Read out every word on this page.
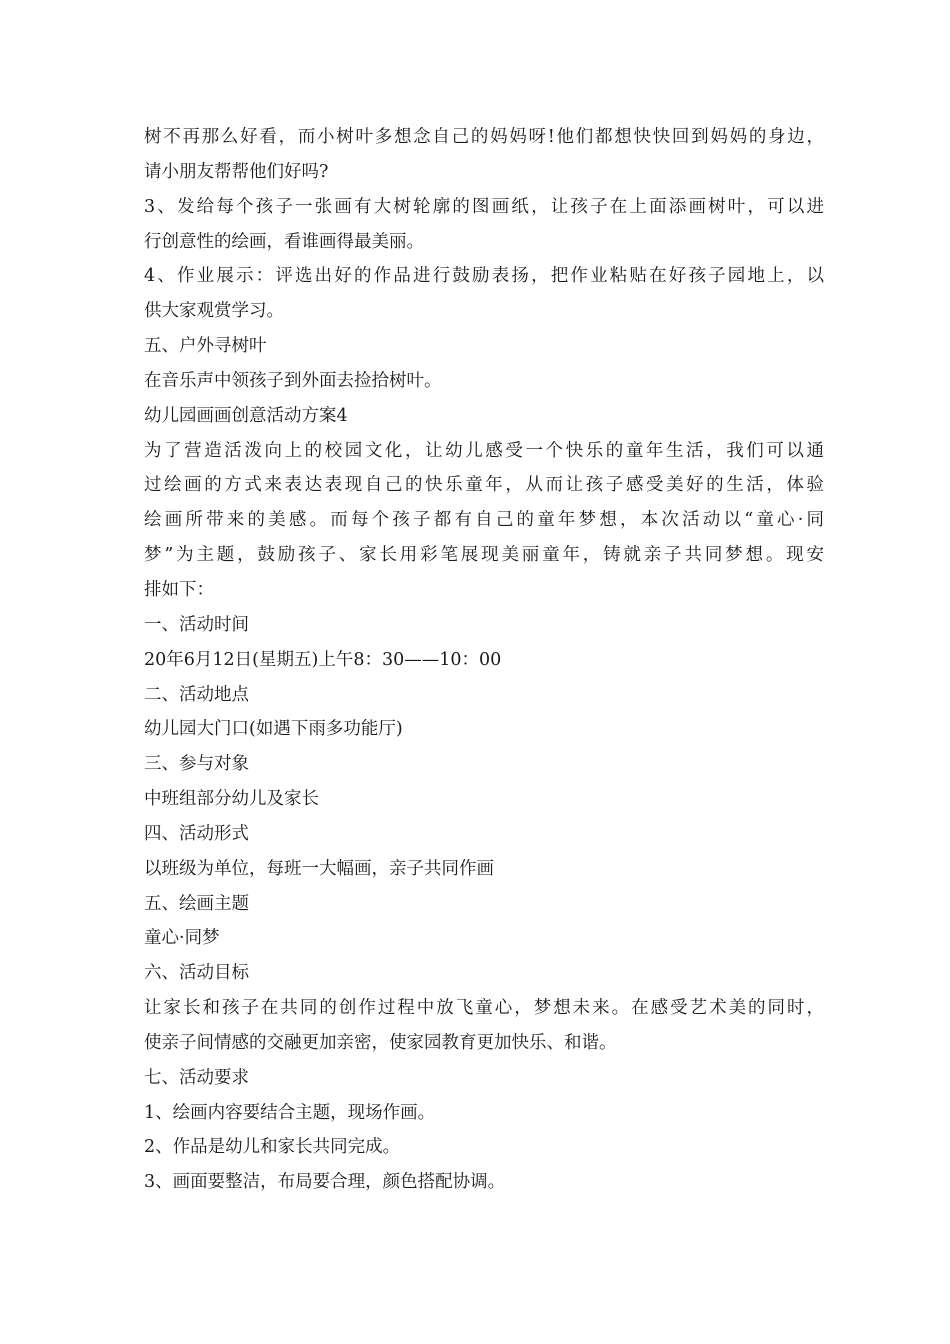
树不再那么好看，而小树叶多想念自己的妈妈呀!他们都想快快回到妈妈的身边，
请小朋友帮帮他们好吗?
3、发给每个孩子一张画有大树轮廓的图画纸，让孩子在上面添画树叶，可以进
行创意性的绘画，看谁画得最美丽。
4、作业展示：评选出好的作品进行鼓励表扬，把作业粘贴在好孩子园地上，以
供大家观赏学习。
五、户外寻树叶
在音乐声中领孩子到外面去捡拾树叶。
幼儿园画画创意活动方案4
为了营造活泼向上的校园文化，让幼儿感受一个快乐的童年生活，我们可以通
过绘画的方式来表达表现自己的快乐童年，从而让孩子感受美好的生活，体验
绘画所带来的美感。而每个孩子都有自己的童年梦想，本次活动以“童心·同
梦”为主题，鼓励孩子、家长用彩笔展现美丽童年，铸就亲子共同梦想。现安
排如下：
一、活动时间
20年6月12日(星期五)上午8：30——10：00
二、活动地点
幼儿园大门口(如遇下雨多功能厅)
三、参与对象
中班组部分幼儿及家长
四、活动形式
以班级为单位，每班一大幅画，亲子共同作画
五、绘画主题
童心·同梦
六、活动目标
让家长和孩子在共同的创作过程中放飞童心，梦想未来。在感受艺术美的同时，
使亲子间情感的交融更加亲密，使家园教育更加快乐、和谐。
七、活动要求
1、绘画内容要结合主题，现场作画。
2、作品是幼儿和家长共同完成。
3、画面要整洁，布局要合理，颜色搭配协调。
